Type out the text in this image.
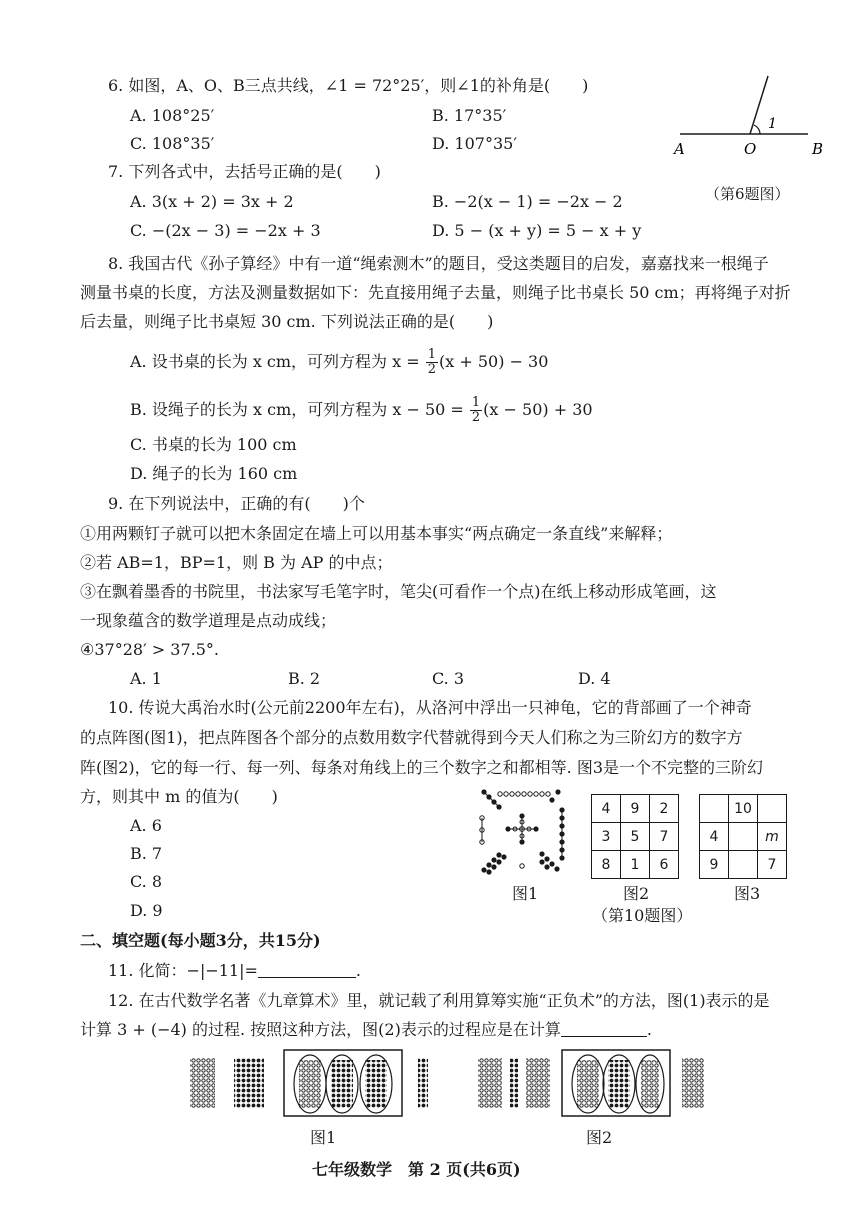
6. 如图，A、O、B三点共线，∠1 = 72°25′，则∠1的补角是(　　)
A. 108°25′	B. 17°35′
C. 108°35′	D. 107°35′
1
A	O	B
（第6题图）
7. 下列各式中，去括号正确的是(　　)
A. 3(x + 2) = 3x + 2	B. −2(x − 1) = −2x − 2
C. −(2x − 3) = −2x + 3	D. 5 − (x + y) = 5 − x + y
8. 我国古代《孙子算经》中有一道“绳索测木”的题目，受这类题目的启发，嘉嘉找来一根绳子
测量书桌的长度，方法及测量数据如下：先直接用绳子去量，则绳子比书桌长 50 cm；再将绳子对折
后去量，则绳子比书桌短 30 cm. 下列说法正确的是(　　)
A. 设书桌的长为 x cm，可列方程为 $x = \frac{1}{2} (x + 50) - 30$
B. 设绳子的长为 x cm，可列方程为 $x - 50 = \frac{1}{2} (x - 50) + 30$
C. 书桌的长为 100 cm
D. 绳子的长为 160 cm
9. 在下列说法中，正确的有(　　)个
①用两颗钉子就可以把木条固定在墙上可以用基本事实“两点确定一条直线”来解释；
②若 AB=1，BP=1，则 B 为 AP 的中点；
③在飘着墨香的书院里，书法家写毛笔字时，笔尖(可看作一个点)在纸上移动形成笔画，这
一现象蕴含的数学道理是点动成线；
④37°28′ > 37.5°.
A. 1	B. 2	C. 3	D. 4
10. 传说大禹治水时(公元前2200年左右)，从洛河中浮出一只神龟，它的背部画了一个神奇
的点阵图(图1)，把点阵图各个部分的点数用数字代替就得到今天人们称之为三阶幻方的数字方
阵(图2)，它的每一行、每一列、每条对角线上的三个数字之和都相等. 图3是一个不完整的三阶幻
方，则其中 m 的值为(　　)
A. 6
B. 7
C. 8
D. 9
4	9	2
3	5	7
8	1	6
	10	
4		m
9		7
图1	图2	图3
（第10题图）
二、填空题(每小题3分，共15分)
11. 化简：−|−11|=	.
12. 在古代数学名著《九章算术》里，就记载了利用算筹实施“正负术”的方法，图(1)表示的是
计算 3 + (−4) 的过程. 按照这种方法，图(2)表示的过程应是在计算	.
图1	图2
七年级数学　第 2 页(共6页)
